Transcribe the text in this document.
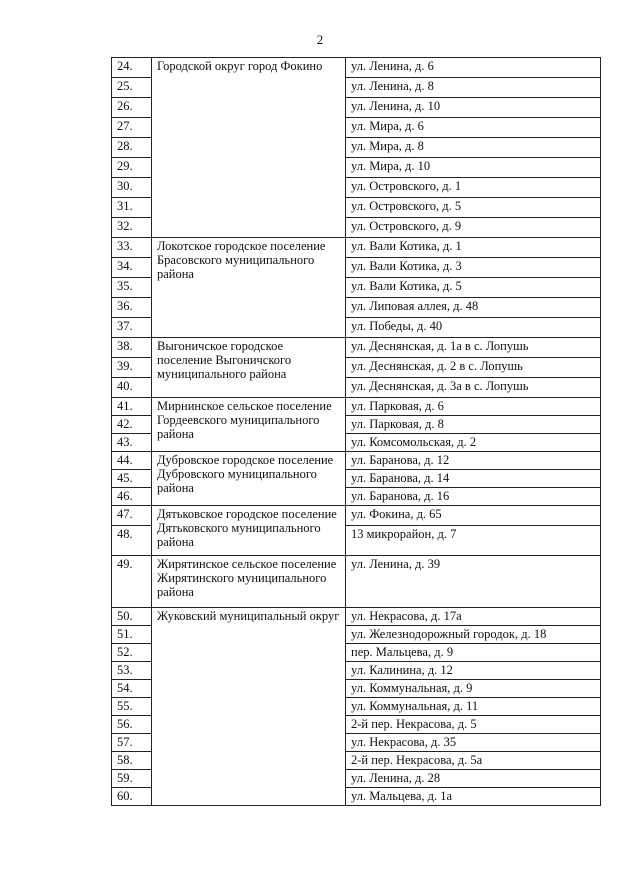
2
24.	Городской округ город Фокино	ул. Ленина, д. 6
25.		ул. Ленина, д. 8
26.		ул. Ленина, д. 10
27.		ул. Мира, д. 6
28.		ул. Мира, д. 8
29.		ул. Мира, д. 10
30.		ул. Островского, д. 1
31.		ул. Островского, д. 5
32.		ул. Островского, д. 9
33.	Локотское городское поселение Брасовского муниципального района	ул. Вали Котика, д. 1
34.		ул. Вали Котика, д. 3
35.		ул. Вали Котика, д. 5
36.		ул. Липовая аллея, д. 48
37.		ул. Победы, д. 40
38.	Выгоничское городское поселение Выгоничского муниципального района	ул. Деснянская, д. 1а в с. Лопушь
39.		ул. Деснянская, д. 2 в с. Лопушь
40.		ул. Деснянская, д. 3а в с. Лопушь
41.	Мирнинское сельское поселение Гордеевского муниципального района	ул. Парковая, д. 6
42.		ул. Парковая, д. 8
43.		ул. Комсомольская, д. 2
44.	Дубровское городское поселение Дубровского муниципального района	ул. Баранова, д. 12
45.		ул. Баранова, д. 14
46.		ул. Баранова, д. 16
47.	Дятьковское городское поселение Дятьковского муниципального района	ул. Фокина, д. 65
48.		13 микрорайон, д. 7
49.	Жирятинское сельское поселение Жирятинского муниципального района	ул. Ленина, д. 39
50.	Жуковский муниципальный округ	ул. Некрасова, д. 17а
51.		ул. Железнодорожный городок, д. 18
52.		пер. Мальцева, д. 9
53.		ул. Калинина, д. 12
54.		ул. Коммунальная, д. 9
55.		ул. Коммунальная, д. 11
56.		2-й пер. Некрасова, д. 5
57.		ул. Некрасова, д. 35
58.		2-й пер. Некрасова, д. 5а
59.		ул. Ленина, д. 28
60.		ул. Мальцева, д. 1а
